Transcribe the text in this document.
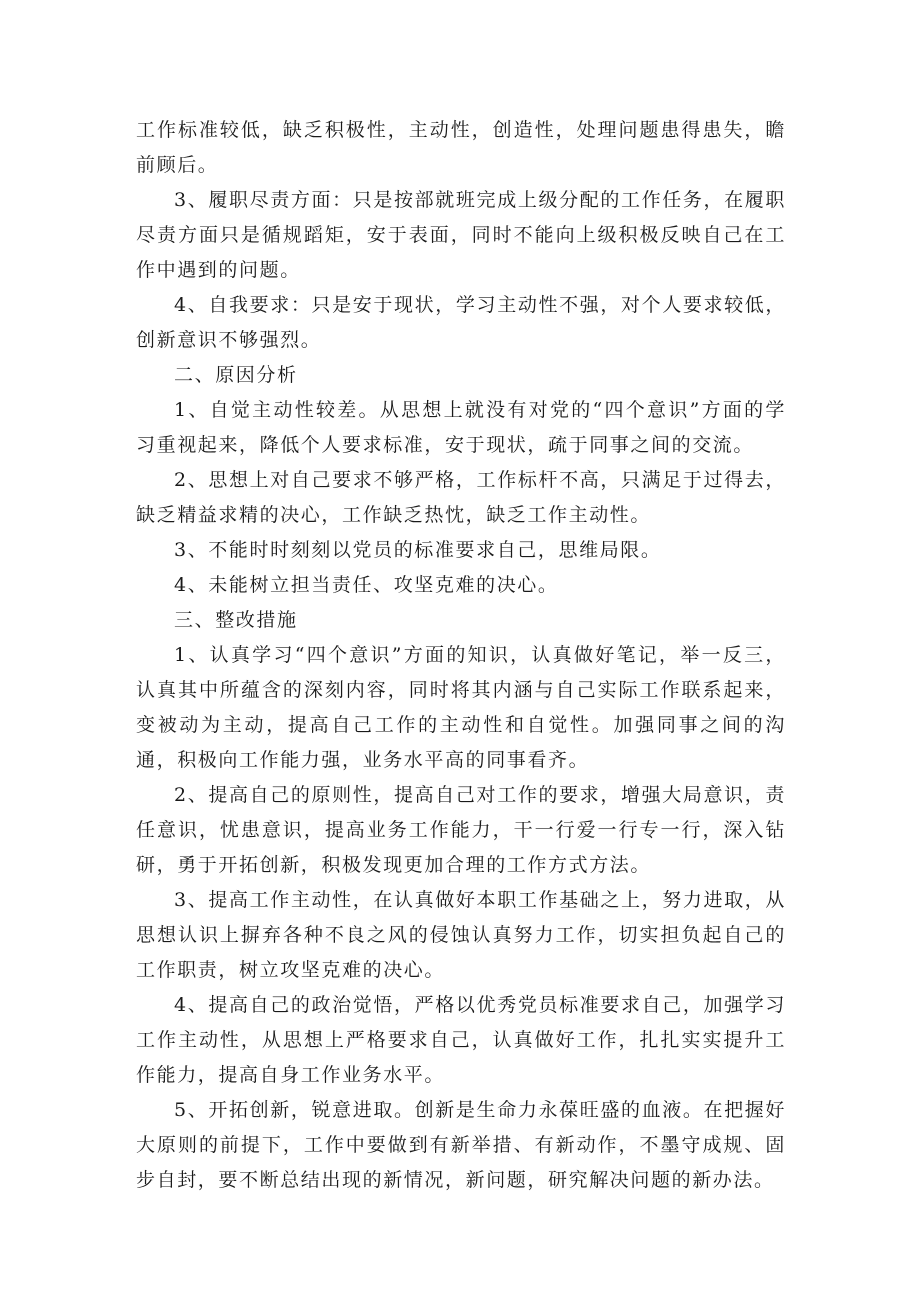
工作标准较低，缺乏积极性，主动性，创造性，处理问题患得患失，瞻前顾后。

3、履职尽责方面：只是按部就班完成上级分配的工作任务，在履职尽责方面只是循规蹈矩，安于表面，同时不能向上级积极反映自己在工作中遇到的问题。

4、自我要求：只是安于现状，学习主动性不强，对个人要求较低，创新意识不够强烈。

二、原因分析

1、自觉主动性较差。从思想上就没有对党的“四个意识”方面的学习重视起来，降低个人要求标准，安于现状，疏于同事之间的交流。

2、思想上对自己要求不够严格，工作标杆不高，只满足于过得去，缺乏精益求精的决心，工作缺乏热忱，缺乏工作主动性。

3、不能时时刻刻以党员的标准要求自己，思维局限。

4、未能树立担当责任、攻坚克难的决心。

三、整改措施

1、认真学习“四个意识”方面的知识，认真做好笔记，举一反三，认真其中所蕴含的深刻内容，同时将其内涵与自己实际工作联系起来，变被动为主动，提高自己工作的主动性和自觉性。加强同事之间的沟通，积极向工作能力强，业务水平高的同事看齐。

2、提高自己的原则性，提高自己对工作的要求，增强大局意识，责任意识，忧患意识，提高业务工作能力，干一行爱一行专一行，深入钻研，勇于开拓创新，积极发现更加合理的工作方式方法。

3、提高工作主动性，在认真做好本职工作基础之上，努力进取，从思想认识上摒弃各种不良之风的侵蚀认真努力工作，切实担负起自己的工作职责，树立攻坚克难的决心。

4、提高自己的政治觉悟，严格以优秀党员标准要求自己，加强学习工作主动性，从思想上严格要求自己，认真做好工作，扎扎实实提升工作能力，提高自身工作业务水平。

5、开拓创新，锐意进取。创新是生命力永葆旺盛的血液。在把握好大原则的前提下，工作中要做到有新举措、有新动作，不墨守成规、固步自封，要不断总结出现的新情况，新问题，研究解决问题的新办法。
